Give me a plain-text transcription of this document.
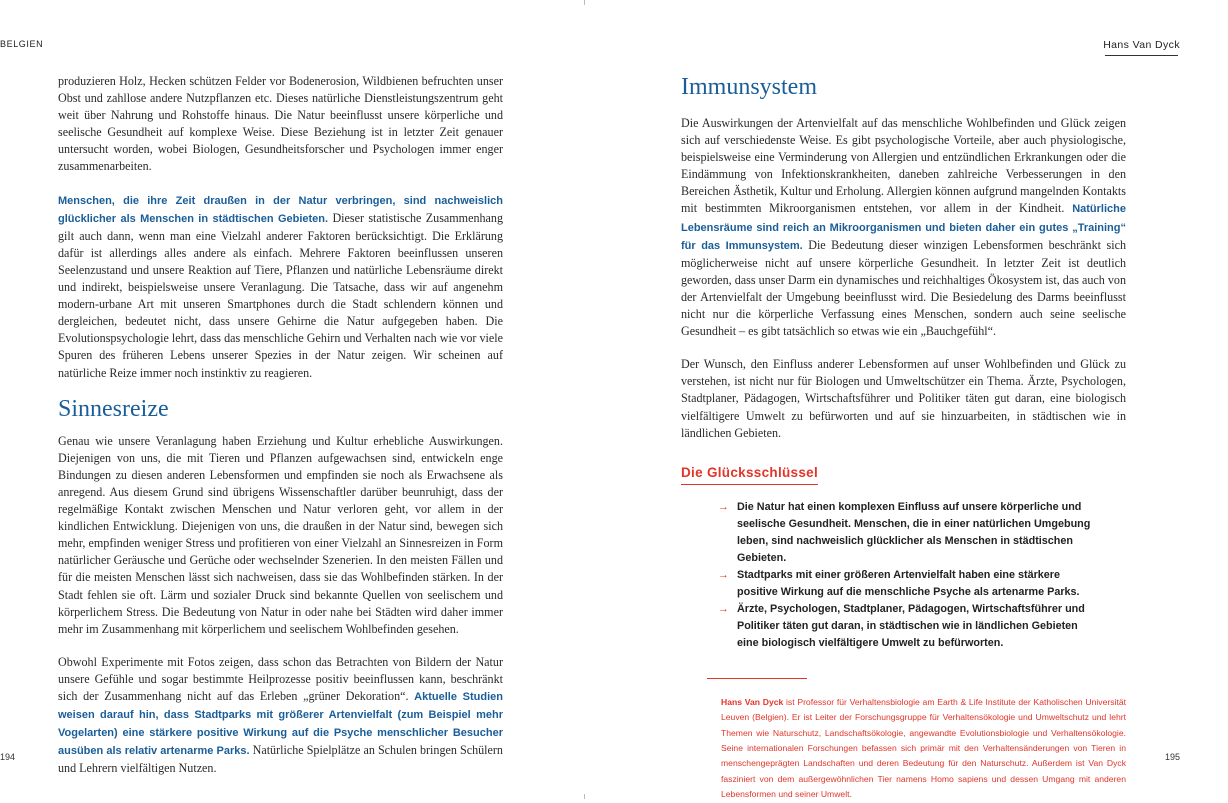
BELGIEN	Hans Van Dyck

produzieren Holz, Hecken schützen Felder vor Bodenerosion, Wildbienen befruchten unser Obst und zahllose andere Nutzpflanzen etc. Dieses natürliche Dienstleistungszentrum geht weit über Nahrung und Rohstoffe hinaus. Die Natur beeinflusst unsere körperliche und seelische Gesundheit auf komplexe Weise. Diese Beziehung ist in letzter Zeit genauer untersucht worden, wobei Biologen, Gesundheitsforscher und Psychologen immer enger zusammenarbeiten.

Menschen, die ihre Zeit draußen in der Natur verbringen, sind nachweislich glücklicher als Menschen in städtischen Gebieten. Dieser statistische Zusammenhang gilt auch dann, wenn man eine Vielzahl anderer Faktoren berücksichtigt. Die Erklärung dafür ist allerdings alles andere als einfach. Mehrere Faktoren beeinflussen unseren Seelenzustand und unsere Reaktion auf Tiere, Pflanzen und natürliche Lebensräume direkt und indirekt, beispielsweise unsere Veranlagung. Die Tatsache, dass wir auf angenehm modern-urbane Art mit unseren Smartphones durch die Stadt schlendern können und dergleichen, bedeutet nicht, dass unsere Gehirne die Natur aufgegeben haben. Die Evolutionspsychologie lehrt, dass das menschliche Gehirn und Verhalten nach wie vor viele Spuren des früheren Lebens unserer Spezies in der Natur zeigen. Wir scheinen auf natürliche Reize immer noch instinktiv zu reagieren.

Sinnesreize

Genau wie unsere Veranlagung haben Erziehung und Kultur erhebliche Auswirkungen. Diejenigen von uns, die mit Tieren und Pflanzen aufgewachsen sind, entwickeln enge Bindungen zu diesen anderen Lebensformen und empfinden sie noch als Erwachsene als anregend. Aus diesem Grund sind übrigens Wissenschaftler darüber beunruhigt, dass der regelmäßige Kontakt zwischen Menschen und Natur verloren geht, vor allem in der kindlichen Entwicklung. Diejenigen von uns, die draußen in der Natur sind, bewegen sich mehr, empfinden weniger Stress und profitieren von einer Vielzahl an Sinnesreizen in Form natürlicher Geräusche und Gerüche oder wechselnder Szenerien. In den meisten Fällen und für die meisten Menschen lässt sich nachweisen, dass sie das Wohlbefinden stärken. In der Stadt fehlen sie oft. Lärm und sozialer Druck sind bekannte Quellen von seelischem und körperlichem Stress. Die Bedeutung von Natur in oder nahe bei Städten wird daher immer mehr im Zusammenhang mit körperlichem und seelischem Wohlbefinden gesehen.

Obwohl Experimente mit Fotos zeigen, dass schon das Betrachten von Bildern der Natur unsere Gefühle und sogar bestimmte Heilprozesse positiv beeinflussen kann, beschränkt sich der Zusammenhang nicht auf das Erleben „grüner Dekoration“. Aktuelle Studien weisen darauf hin, dass Stadtparks mit größerer Artenvielfalt (zum Beispiel mehr Vogelarten) eine stärkere positive Wirkung auf die Psyche menschlicher Besucher ausüben als relativ artenarme Parks. Natürliche Spielplätze an Schulen bringen Schülern und Lehrern vielfältigen Nutzen.

Immunsystem

Die Auswirkungen der Artenvielfalt auf das menschliche Wohlbefinden und Glück zeigen sich auf verschiedenste Weise. Es gibt psychologische Vorteile, aber auch physiologische, beispielsweise eine Verminderung von Allergien und entzündlichen Erkrankungen oder die Eindämmung von Infektionskrankheiten, daneben zahlreiche Verbesserungen in den Bereichen Ästhetik, Kultur und Erholung. Allergien können aufgrund mangelnden Kontakts mit bestimmten Mikroorganismen entstehen, vor allem in der Kindheit. Natürliche Lebensräume sind reich an Mikroorganismen und bieten daher ein gutes „Training“ für das Immunsystem. Die Bedeutung dieser winzigen Lebensformen beschränkt sich möglicherweise nicht auf unsere körperliche Gesundheit. In letzter Zeit ist deutlich geworden, dass unser Darm ein dynamisches und reichhaltiges Ökosystem ist, das auch von der Artenvielfalt der Umgebung beeinflusst wird. Die Besiedelung des Darms beeinflusst nicht nur die körperliche Verfassung eines Menschen, sondern auch seine seelische Gesundheit – es gibt tatsächlich so etwas wie ein „Bauchgefühl“.

Der Wunsch, den Einfluss anderer Lebensformen auf unser Wohlbefinden und Glück zu verstehen, ist nicht nur für Biologen und Umweltschützer ein Thema. Ärzte, Psychologen, Stadtplaner, Pädagogen, Wirtschaftsführer und Politiker täten gut daran, eine biologisch vielfältigere Umwelt zu befürworten und auf sie hinzuarbeiten, in städtischen wie in ländlichen Gebieten.

Die Glücksschlüssel
→ Die Natur hat einen komplexen Einfluss auf unsere körperliche und seelische Gesundheit. Menschen, die in einer natürlichen Umgebung leben, sind nachweislich glücklicher als Menschen in städtischen Gebieten.
→ Stadtparks mit einer größeren Artenvielfalt haben eine stärkere positive Wirkung auf die menschliche Psyche als artenarme Parks.
→ Ärzte, Psychologen, Stadtplaner, Pädagogen, Wirtschaftsführer und Politiker täten gut daran, in städtischen wie in ländlichen Gebieten eine biologisch vielfältigere Umwelt zu befürworten.
Hans Van Dyck ist Professor für Verhaltensbiologie am Earth & Life Institute der Katholischen Universität Leuven (Belgien). Er ist Leiter der Forschungsgruppe für Verhaltensökologie und Umweltschutz und lehrt Themen wie Naturschutz, Landschaftsökologie, angewandte Evolutionsbiologie und Verhaltensökologie. Seine internationalen Forschungen befassen sich primär mit den Verhaltensänderungen von Tieren in menschengeprägten Landschaften und deren Bedeutung für den Naturschutz. Außerdem ist Van Dyck fasziniert von dem außergewöhnlichen Tier namens Homo sapiens und dessen Umgang mit anderen Lebensformen und seiner Umwelt.
194	195
